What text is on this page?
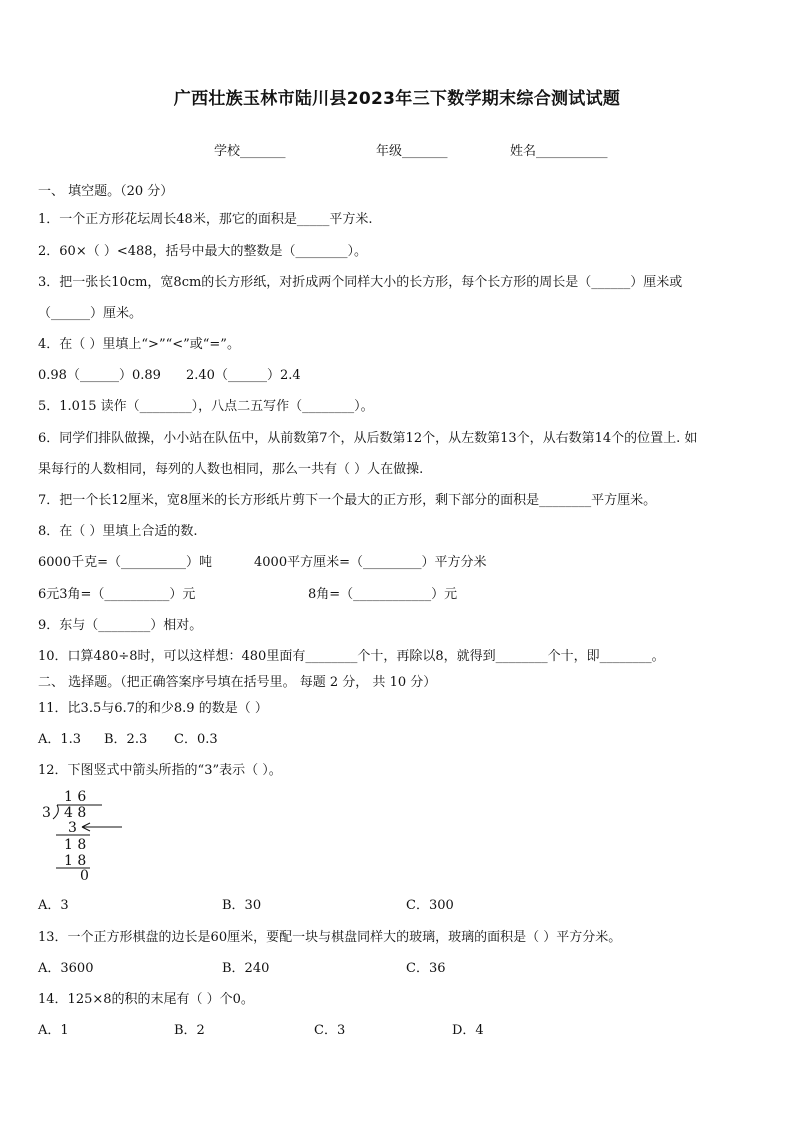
广西壮族玉林市陆川县2023年三下数学期末综合测试试题
学校_______	年级_______	姓名___________
一、 填空题。（20 分）
1．一个正方形花坛周长48米，那它的面积是_____平方米.
2．60×（ ）<488，括号中最大的整数是（________）。
3．把一张长10cm，宽8cm的长方形纸，对折成两个同样大小的长方形，每个长方形的周长是（______）厘米或
（______）厘米。
4．在（ ）里填上“>”“<”或“=”。
0.98（______）0.89 2.40（______）2.4
5．1.015 读作（________），八点二五写作（________）。
6．同学们排队做操，小小站在队伍中，从前数第7个，从后数第12个，从左数第13个，从右数第14个的位置上. 如
果每行的人数相同，每列的人数也相同，那么一共有（ ）人在做操.
7．把一个长12厘米，宽8厘米的长方形纸片剪下一个最大的正方形，剩下部分的面积是________平方厘米。
8．在（ ）里填上合适的数.
6000千克=（__________）吨	4000平方厘米=（_________）平方分米
6元3角=（__________）元	8角=（____________）元
9．东与（________）相对。
10．口算480÷8时，可以这样想：480里面有________个十，再除以8，就得到________个十，即________。
二、 选择题。（把正确答案序号填在括号里。 每题 2 分， 共 10 分）
11．比3.5与6.7的和少8.9 的数是（ ）
A．1.3 B．2.3 C．0.3
12．下图竖式中箭头所指的“3”表示（ ）。
1 6
3 4 8
3
1 8
1 8
0
A．3	B．30	C．300
13．一个正方形棋盘的边长是60厘米，要配一块与棋盘同样大的玻璃，玻璃的面积是（ ）平方分米。
A．3600	B．240	C．36
14．125×8的积的末尾有（ ）个0。
A．1	B．2	C．3	D．4
